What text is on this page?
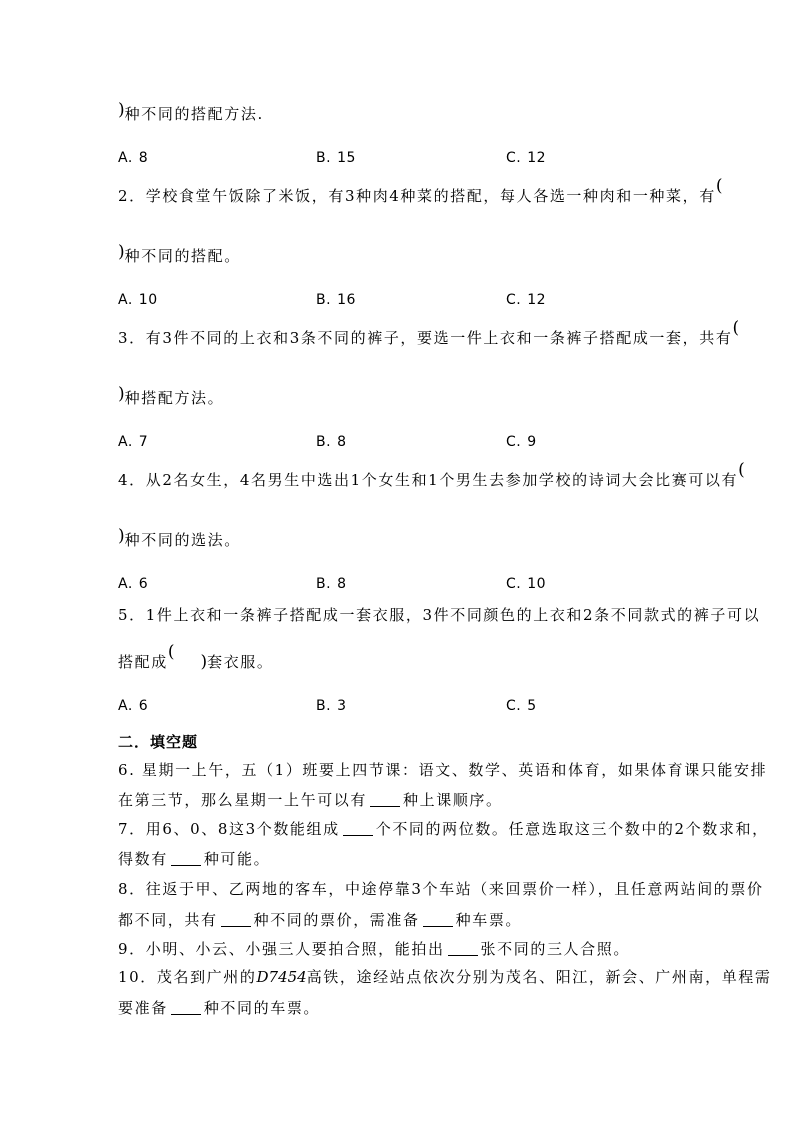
)种不同的搭配方法.
A. 8	B. 15	C. 12
2．学校食堂午饭除了米饭，有3种肉4种菜的搭配，每人各选一种肉和一种菜，有(
)种不同的搭配。
A. 10	B. 16	C. 12
3．有3件不同的上衣和3条不同的裤子，要选一件上衣和一条裤子搭配成一套，共有(
)种搭配方法。
A. 7	B. 8	C. 9
4．从2名女生，4名男生中选出1个女生和1个男生去参加学校的诗词大会比赛可以有(
)种不同的选法。
A. 6	B. 8	C. 10
5．1件上衣和一条裤子搭配成一套衣服，3件不同颜色的上衣和2条不同款式的裤子可以
搭配成( )套衣服。
A. 6	B. 3	C. 5
二．填空题
6. 星期一上午，五（1）班要上四节课：语文、数学、英语和体育，如果体育课只能安排
在第三节，那么星期一上午可以有 种上课顺序。
7．用6、0、8这3个数能组成 个不同的两位数。任意选取这三个数中的2个数求和，
得数有 种可能。
8．往返于甲、乙两地的客车，中途停靠3个车站（来回票价一样），且任意两站间的票价
都不同，共有 种不同的票价，需准备 种车票。
9．小明、小云、小强三人要拍合照，能拍出 张不同的三人合照。
10．茂名到广州的D7454高铁，途经站点依次分别为茂名、阳江，新会、广州南，单程需
要准备 种不同的车票。
